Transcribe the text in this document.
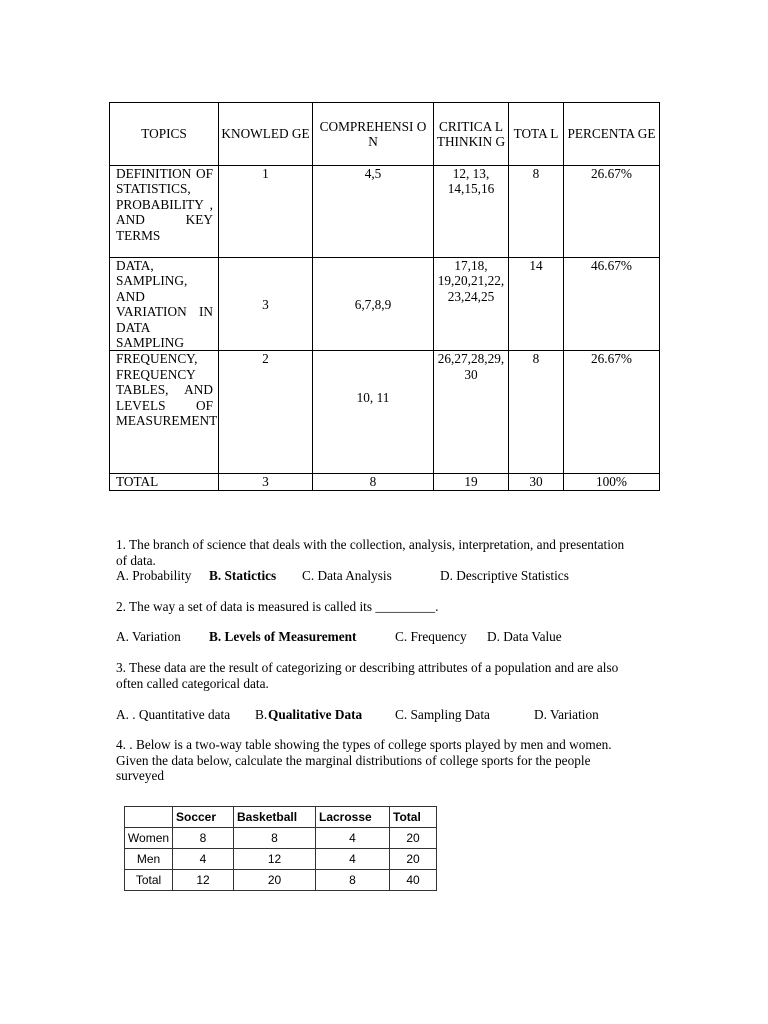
TOPICS	KNOWLED GE	COMPREHENSI ON	CRITICA L THINKIN G	TOTA L	PERCENTA GE
DEFINITION OF STATISTICS, PROBABILITY , AND KEY TERMS	1	4,5	12, 13, 14,15,16	8	26.67%
DATA, SAMPLING, AND VARIATION IN DATA SAMPLING	3	6,7,8,9	17,18, 19,20,21,22, 23,24,25	14	46.67%
FREQUENCY, FREQUENCY TABLES, AND LEVELS OF MEASUREMENT	2	10, 11	26,27,28,29,30	8	26.67%
TOTAL	3	8	19	30	100%

1. The branch of science that deals with the collection, analysis, interpretation, and presentation of data.

A. Probability B. Statictics C. Data Analysis	D. Descriptive Statistics

2. The way a set of data is measured is called its _________.

A. Variation B. Levels of Measurement	C. Frequency D. Data Value

3. These data are the result of categorizing or describing attributes of a population and are also often called categorical data.

A. . Quantitative data B. Qualitative Data C. Sampling Data	D. Variation

4. . Below is a two-way table showing the types of college sports played by men and women. Given the data below, calculate the marginal distributions of college sports for the people surveyed

	Soccer	Basketball	Lacrosse	Total
Women	8	8	4	20
Men	4	12	4	20
Total	12	20	8	40
